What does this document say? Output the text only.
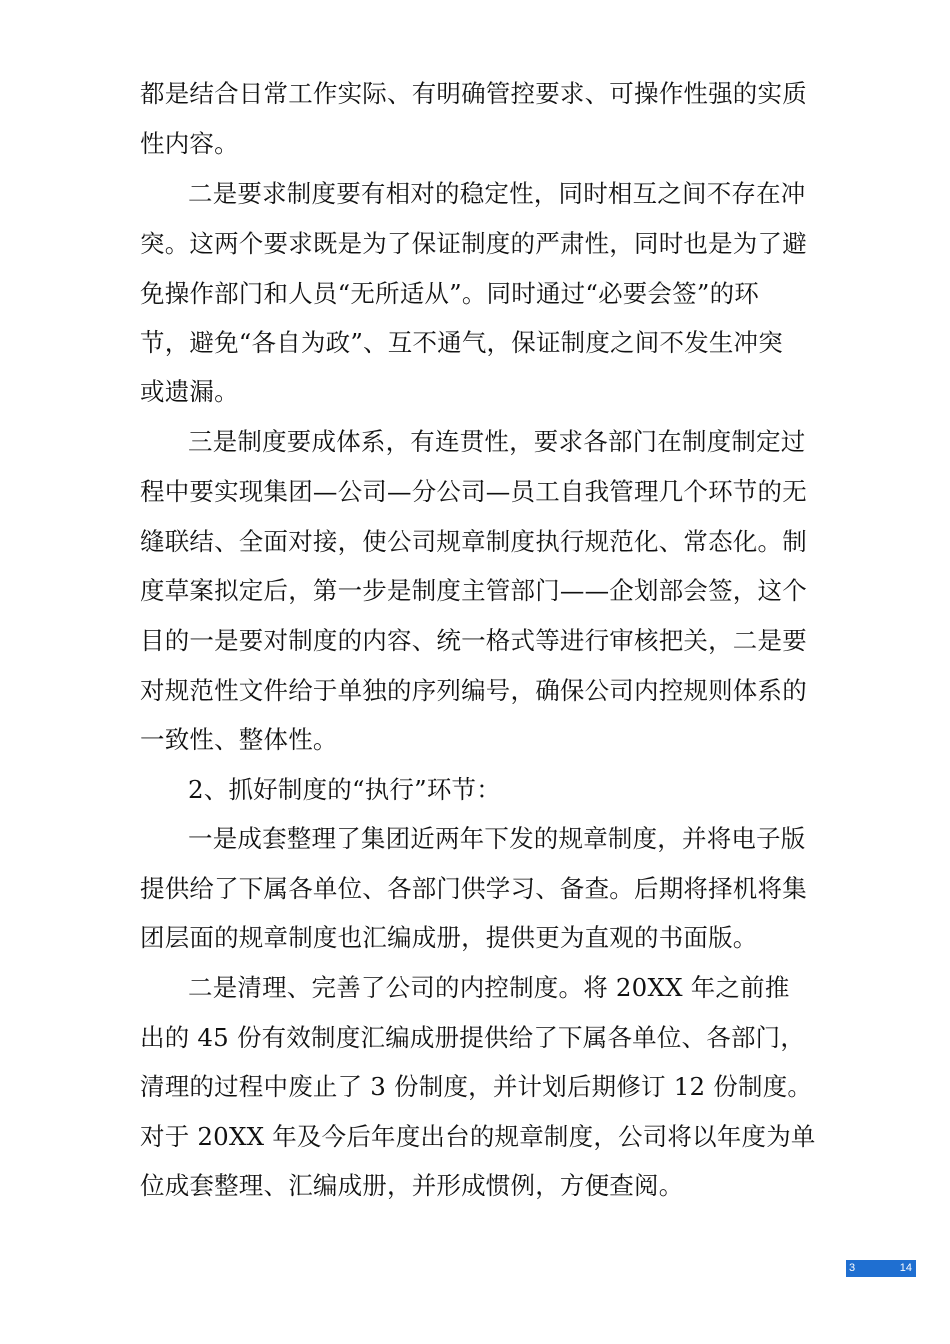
都是结合日常工作实际、有明确管控要求、可操作性强的实质
性内容。
二是要求制度要有相对的稳定性，同时相互之间不存在冲
突。这两个要求既是为了保证制度的严肃性，同时也是为了避
免操作部门和人员“无所适从”。同时通过“必要会签”的环
节，避免“各自为政”、互不通气，保证制度之间不发生冲突
或遗漏。
三是制度要成体系，有连贯性，要求各部门在制度制定过
程中要实现集团—公司—分公司—员工自我管理几个环节的无
缝联结、全面对接，使公司规章制度执行规范化、常态化。制
度草案拟定后，第一步是制度主管部门——企划部会签，这个
目的一是要对制度的内容、统一格式等进行审核把关，二是要
对规范性文件给于单独的序列编号，确保公司内控规则体系的
一致性、整体性。
2、抓好制度的“执行”环节：
一是成套整理了集团近两年下发的规章制度，并将电子版
提供给了下属各单位、各部门供学习、备查。后期将择机将集
团层面的规章制度也汇编成册，提供更为直观的书面版。
二是清理、完善了公司的内控制度。将 20XX 年之前推
出的 45 份有效制度汇编成册提供给了下属各单位、各部门，
清理的过程中废止了 3 份制度，并计划后期修订 12 份制度。
对于 20XX 年及今后年度出台的规章制度，公司将以年度为单
位成套整理、汇编成册，并形成惯例，方便查阅。
3	14
